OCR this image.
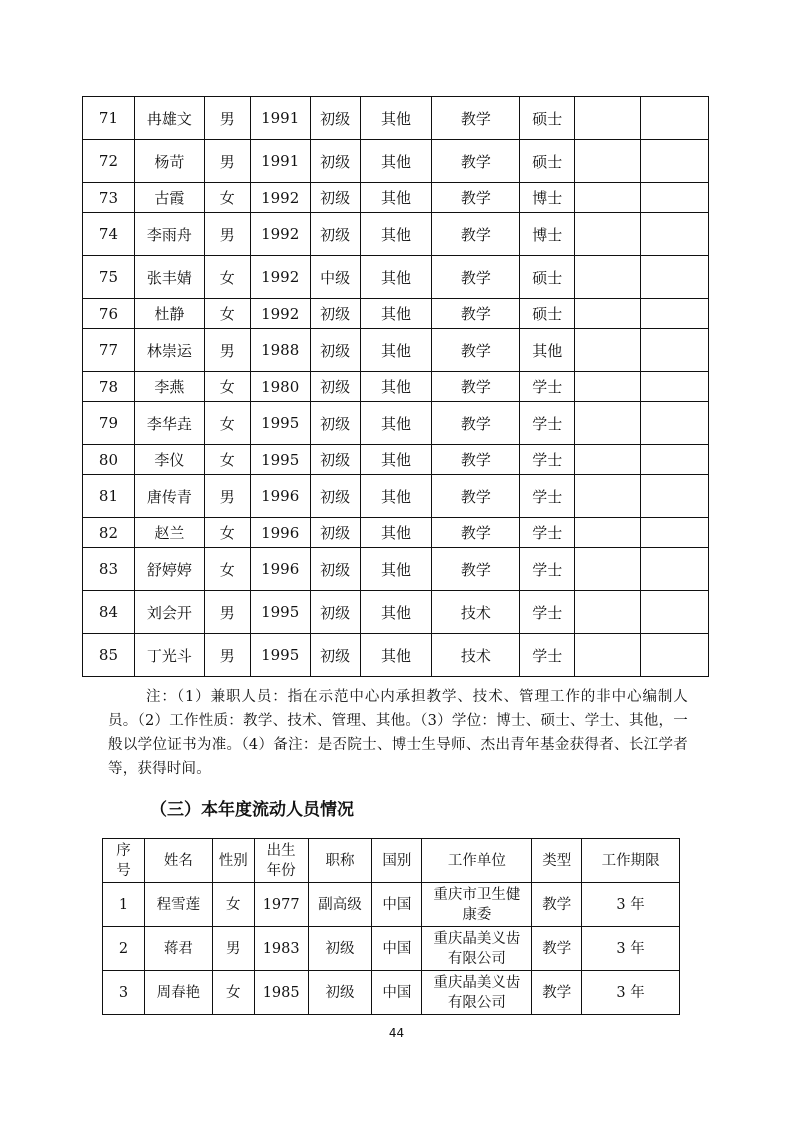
71	冉雄文	男	1991	初级	其他	教学	硕士		
72	杨苛	男	1991	初级	其他	教学	硕士		
73	古霞	女	1992	初级	其他	教学	博士		
74	李雨舟	男	1992	初级	其他	教学	博士		
75	张丰婧	女	1992	中级	其他	教学	硕士		
76	杜静	女	1992	初级	其他	教学	硕士		
77	林崇运	男	1988	初级	其他	教学	其他		
78	李燕	女	1980	初级	其他	教学	学士		
79	李华垚	女	1995	初级	其他	教学	学士		
80	李仪	女	1995	初级	其他	教学	学士		
81	唐传青	男	1996	初级	其他	教学	学士		
82	赵兰	女	1996	初级	其他	教学	学士		
83	舒婷婷	女	1996	初级	其他	教学	学士		
84	刘会开	男	1995	初级	其他	技术	学士		
85	丁光斗	男	1995	初级	其他	技术	学士		

注：（1）兼职人员：指在示范中心内承担教学、技术、管理工作的非中心编制人员。（2）工作性质：教学、技术、管理、其他。（3）学位：博士、硕士、学士、其他，一般以学位证书为准。（4）备注：是否院士、博士生导师、杰出青年基金获得者、长江学者等，获得时间。

（三）本年度流动人员情况
序号	姓名	性别	出生年份	职称	国别	工作单位	类型	工作期限
1	程雪莲	女	1977	副高级	中国	重庆市卫生健康委	教学	3 年
2	蒋君	男	1983	初级	中国	重庆晶美义齿有限公司	教学	3 年
3	周春艳	女	1985	初级	中国	重庆晶美义齿有限公司	教学	3 年
44
